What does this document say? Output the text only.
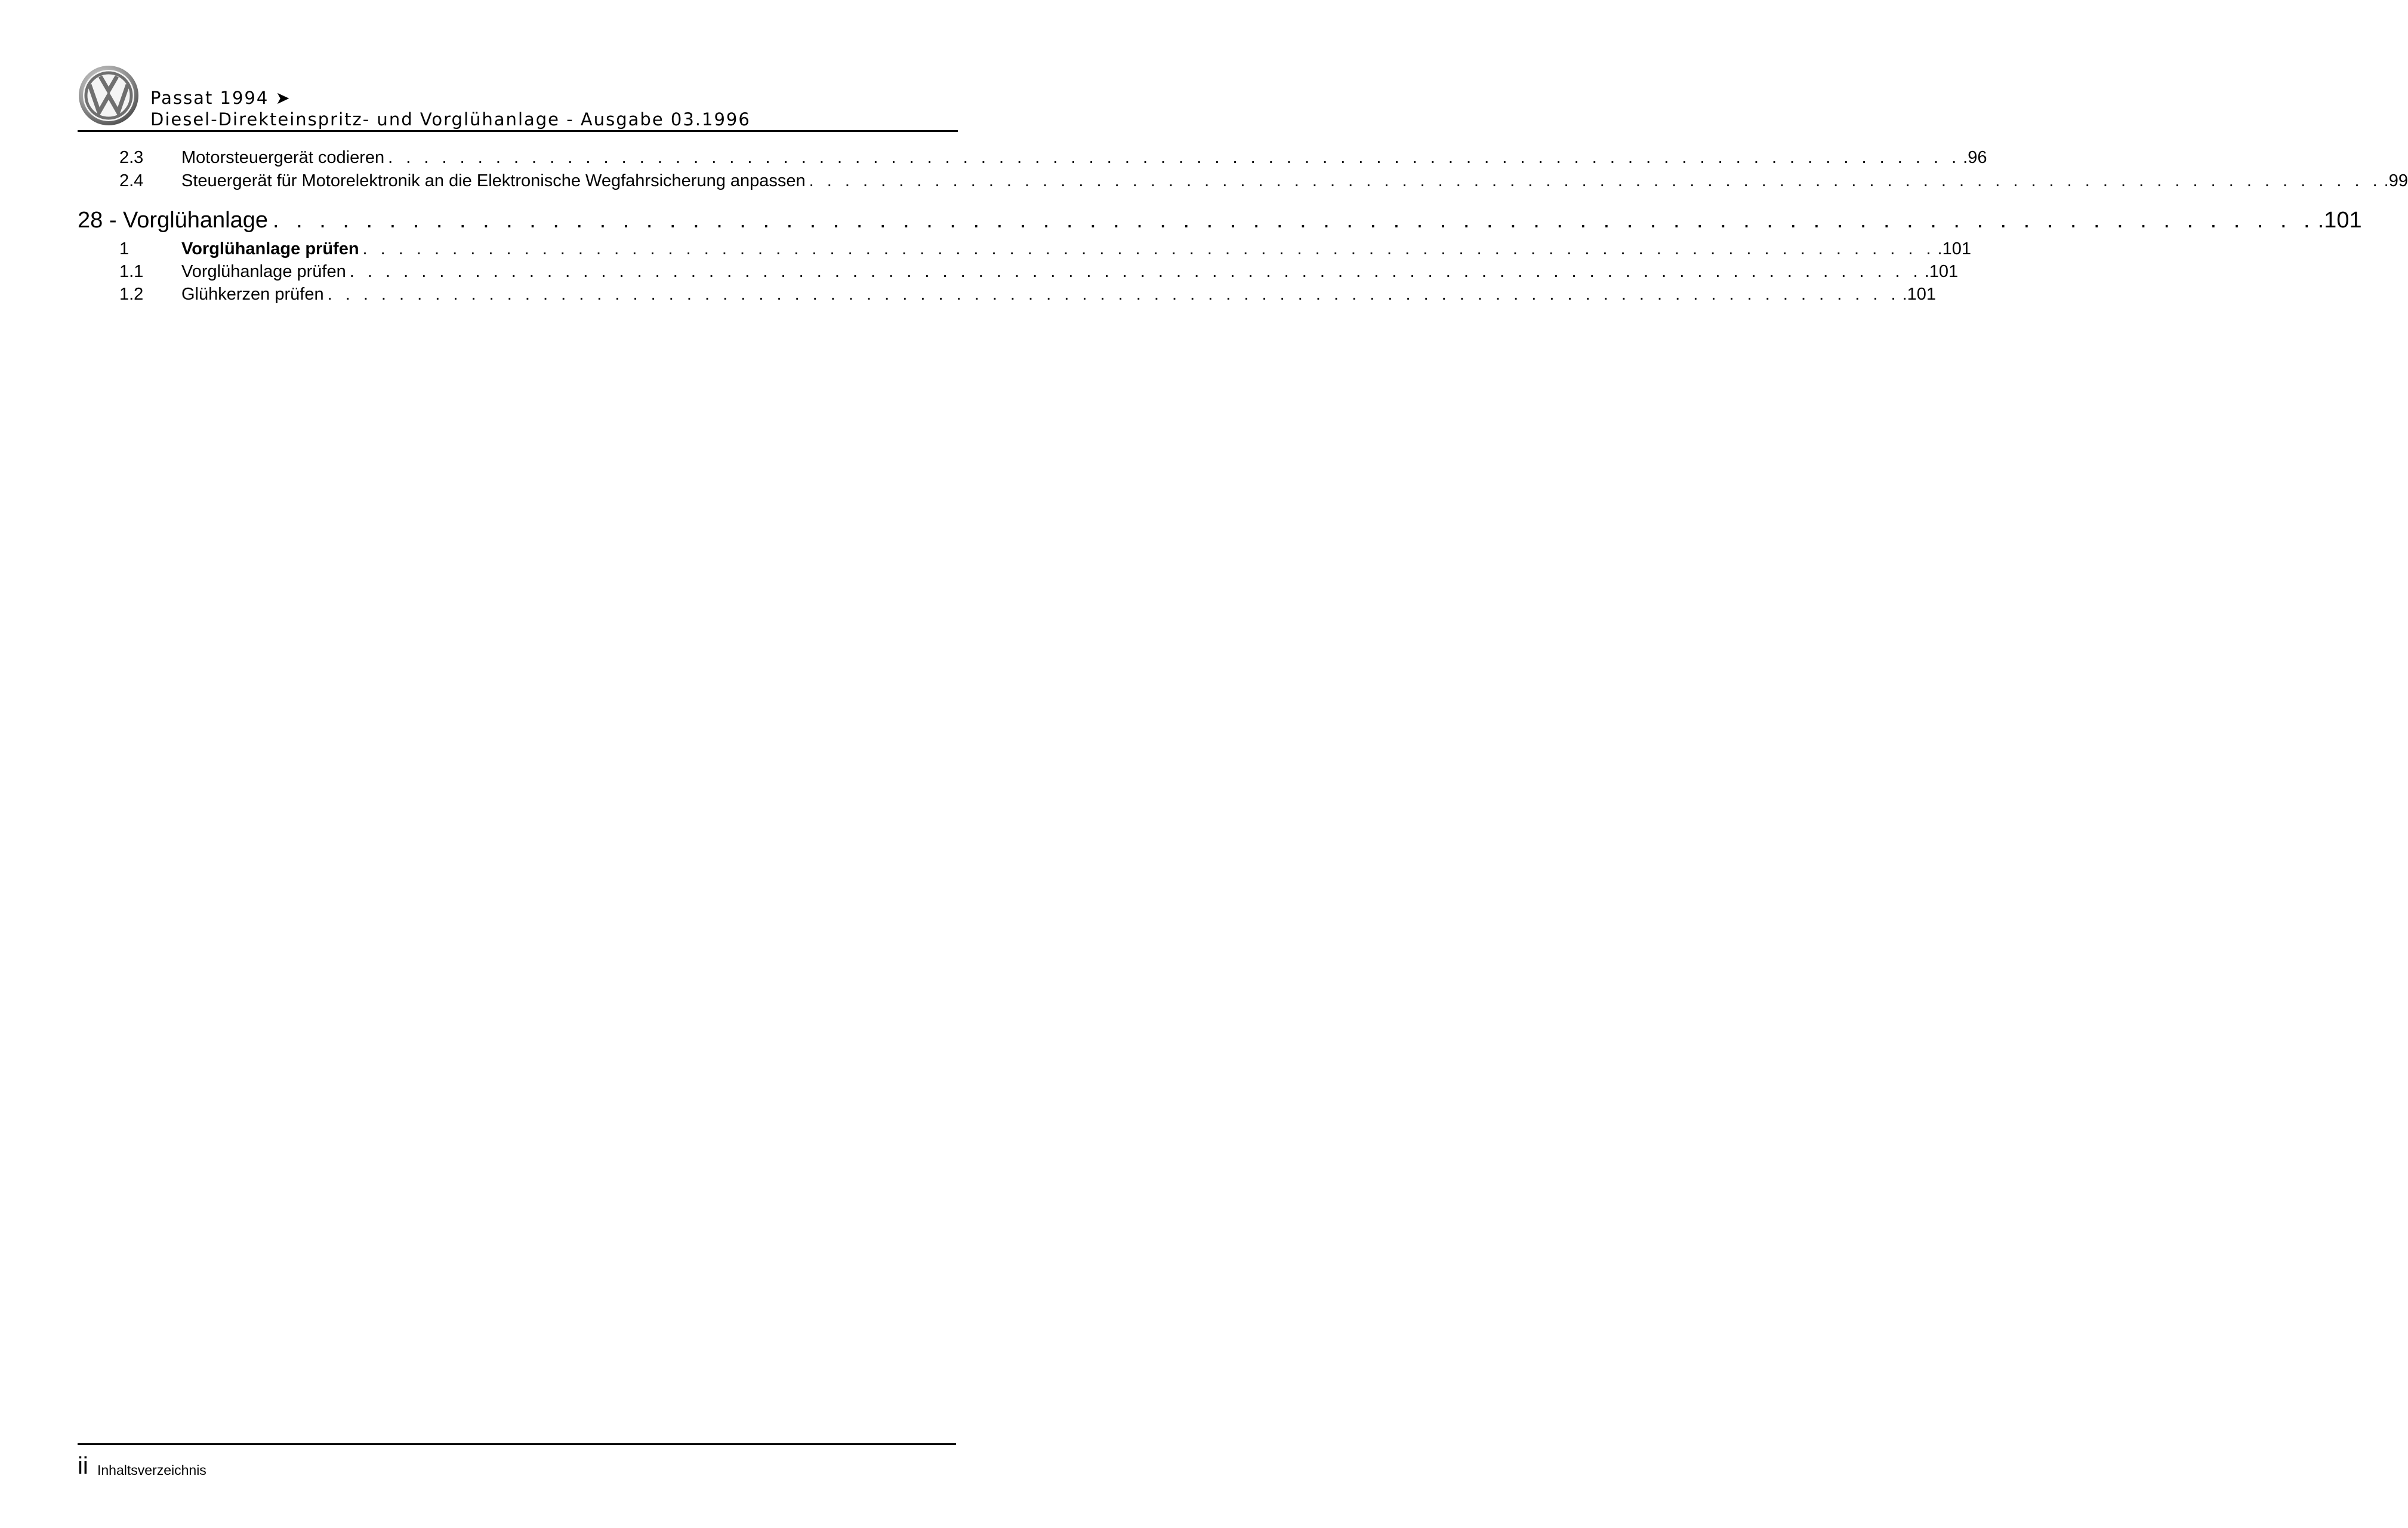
Passat 1994 ➤
Diesel-Direkteinspritz- und Vorglühanlage - Ausgabe 03.1996
2.3	Motorsteuergerät codieren . . . . . . . . . . . . . . . . . . . . . . . . . . . . . . . . . . . . . . . . . . . . . . . . . . . . . . . . . . . . . . . . . . . . . . . . . . . . . . . . . . . . . . . . .96
2.4	Steuergerät für Motorelektronik an die Elektronische Wegfahrsicherung anpassen . . . . . . . . . . . . . . . . . . . . . . . . . . . . . . . . . . . . . . . . . . . . . . . . . . . . . . . . . . . . . . . . . . . . . . . . . . . . . . . . . . . . . . . . .99
28 - Vorglühanlage . . . . . . . . . . . . . . . . . . . . . . . . . . . . . . . . . . . . . . . . . . . . . . . . . . . . . . . . . . . . . . . . . . . . . . . . . . . . . . . . . . . . . . . . .101
1	Vorglühanlage prüfen . . . . . . . . . . . . . . . . . . . . . . . . . . . . . . . . . . . . . . . . . . . . . . . . . . . . . . . . . . . . . . . . . . . . . . . . . . . . . . . . . . . . . . . . .101
1.1	Vorglühanlage prüfen . . . . . . . . . . . . . . . . . . . . . . . . . . . . . . . . . . . . . . . . . . . . . . . . . . . . . . . . . . . . . . . . . . . . . . . . . . . . . . . . . . . . . . . . .101
1.2	Glühkerzen prüfen . . . . . . . . . . . . . . . . . . . . . . . . . . . . . . . . . . . . . . . . . . . . . . . . . . . . . . . . . . . . . . . . . . . . . . . . . . . . . . . . . . . . . . . . .101
ii Inhaltsverzeichnis
